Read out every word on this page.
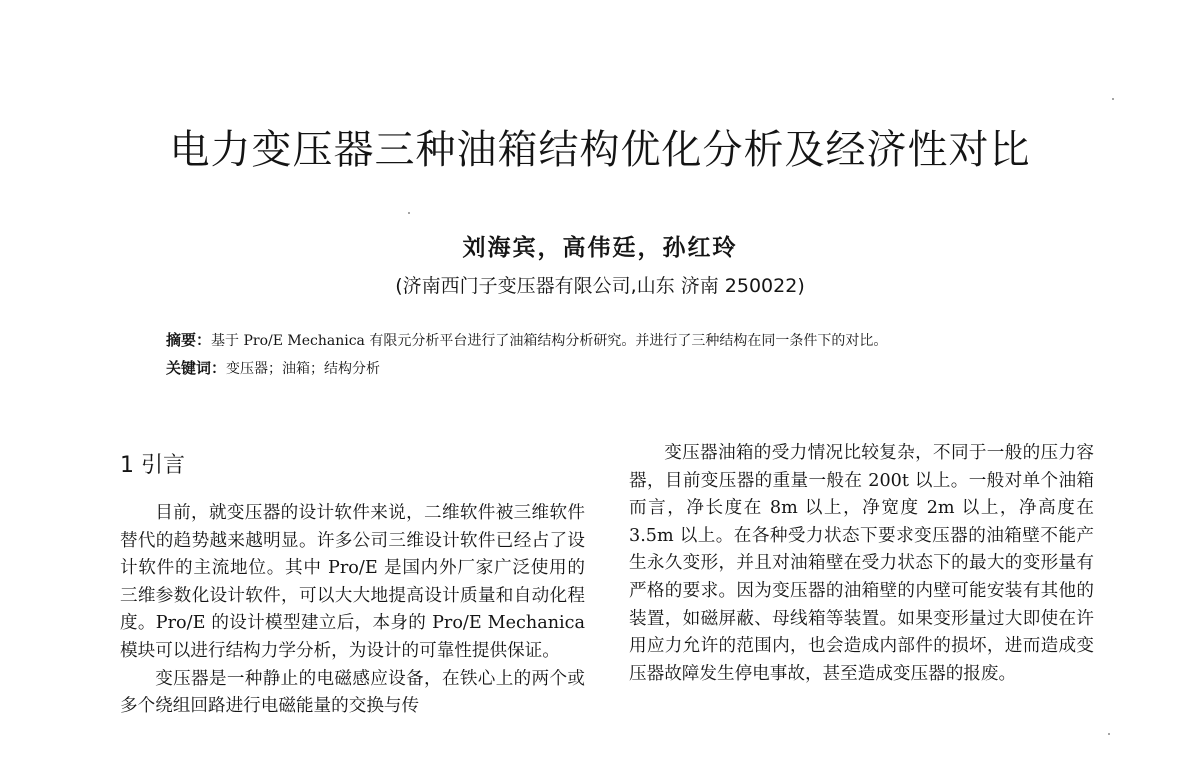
电力变压器三种油箱结构优化分析及经济性对比
刘海宾，高伟廷，孙红玲
(济南西门子变压器有限公司,山东 济南 250022)
摘要：基于 Pro/E Mechanica 有限元分析平台进行了油箱结构分析研究。并进行了三种结构在同一条件下的对比。
关键词：变压器；油箱；结构分析
1 引言

目前，就变压器的设计软件来说，二维软件被三维软件替代的趋势越来越明显。许多公司三维设计软件已经占了设计软件的主流地位。其中 Pro/E 是国内外厂家广泛使用的三维参数化设计软件，可以大大地提高设计质量和自动化程度。Pro/E 的设计模型建立后，本身的 Pro/E Mechanica 模块可以进行结构力学分析，为设计的可靠性提供保证。

变压器是一种静止的电磁感应设备，在铁心上的两个或多个绕组回路进行电磁能量的交换与传

变压器油箱的受力情况比较复杂，不同于一般的压力容器，目前变压器的重量一般在 200t 以上。一般对单个油箱而言，净长度在 8m 以上，净宽度 2m 以上，净高度在 3.5m 以上。在各种受力状态下要求变压器的油箱壁不能产生永久变形，并且对油箱壁在受力状态下的最大的变形量有严格的要求。因为变压器的油箱壁的内壁可能安装有其他的装置，如磁屏蔽、母线箱等装置。如果变形量过大即使在许用应力允许的范围内，也会造成内部件的损坏，进而造成变压器故障发生停电事故，甚至造成变压器的报废。
